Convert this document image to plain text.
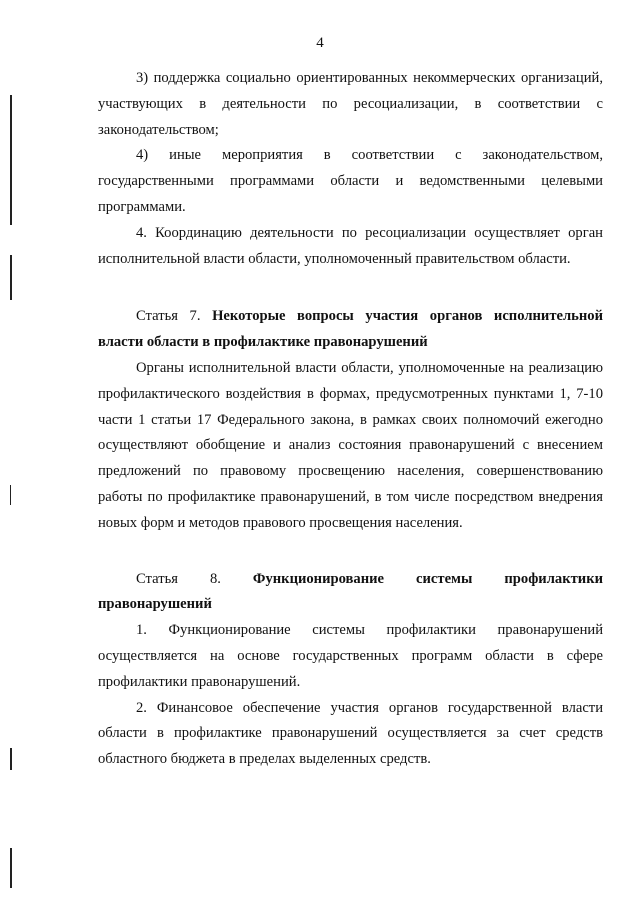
4

3) поддержка социально ориентированных некоммерческих организаций, участвующих в деятельности по ресоциализации, в соответствии с законодательством;

4) иные мероприятия в соответствии с законодательством, государственными программами области и ведомственными целевыми программами.

4. Координацию деятельности по ресоциализации осуществляет орган исполнительной власти области, уполномоченный правительством области.

Статья 7. Некоторые вопросы участия органов исполнительной власти области в профилактике правонарушений

Органы исполнительной власти области, уполномоченные на реализацию профилактического воздействия в формах, предусмотренных пунктами 1, 7-10 части 1 статьи 17 Федерального закона, в рамках своих полномочий ежегодно осуществляют обобщение и анализ состояния правонарушений с внесением предложений по правовому просвещению населения, совершенствованию работы по профилактике правонарушений, в том числе посредством внедрения новых форм и методов правового просвещения населения.

Статья 8. Функционирование системы профилактики правонарушений

1. Функционирование системы профилактики правонарушений осуществляется на основе государственных программ области в сфере профилактики правонарушений.

2. Финансовое обеспечение участия органов государственной власти области в профилактике правонарушений осуществляется за счет средств областного бюджета в пределах выделенных средств.
